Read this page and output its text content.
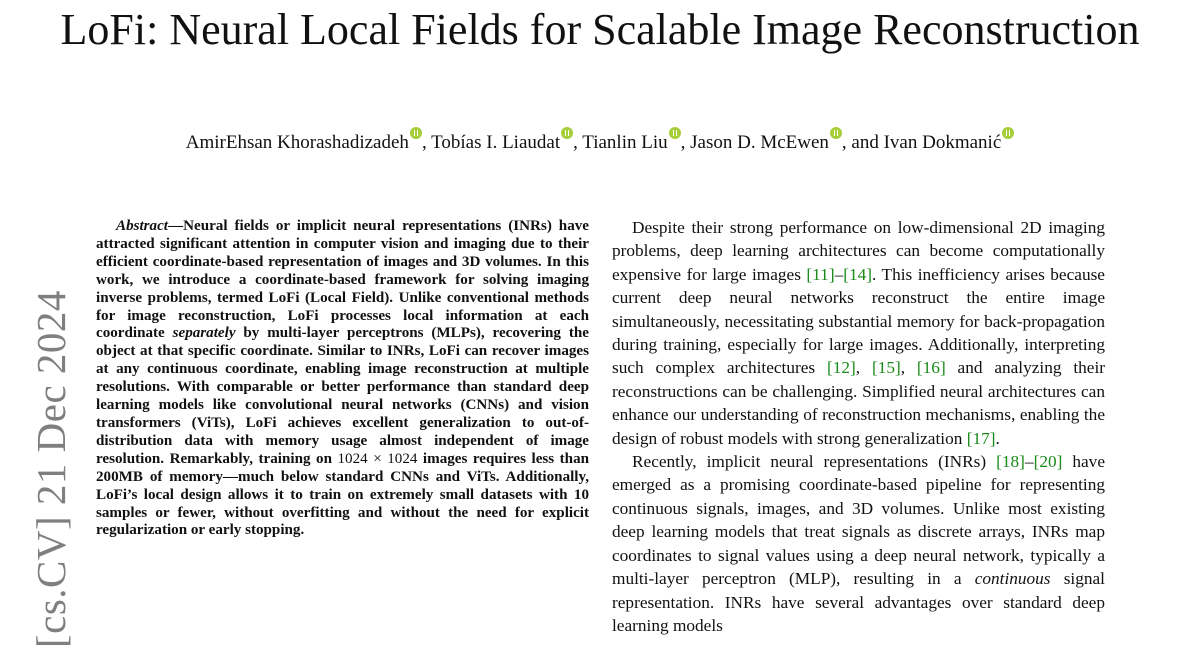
LoFi: Neural Local Fields for Scalable Image Reconstruction
AmirEhsan Khorashadizadeh , Tobías I. Liaudat , Tianlin Liu , Jason D. McEwen , and Ivan Dokmanić
[cs.CV] 21 Dec 2024

Abstract—Neural fields or implicit neural representations (INRs) have attracted significant attention in computer vision and imaging due to their efficient coordinate-based representation of images and 3D volumes. In this work, we introduce a coordinate-based framework for solving imaging inverse problems, termed LoFi (Local Field). Unlike conventional methods for image reconstruction, LoFi processes local information at each coordinate separately by multi-layer perceptrons (MLPs), recovering the object at that specific coordinate. Similar to INRs, LoFi can recover images at any continuous coordinate, enabling image reconstruction at multiple resolutions. With comparable or better performance than standard deep learning models like convolutional neural networks (CNNs) and vision transformers (ViTs), LoFi achieves excellent generalization to out-of-distribution data with memory usage almost independent of image resolution. Remarkably, training on 1024 × 1024 images requires less than 200MB of memory—much below standard CNNs and ViTs. Additionally, LoFi’s local design allows it to train on extremely small datasets with 10 samples or fewer, without overfitting and without the need for explicit regularization or early stopping.

Despite their strong performance on low-dimensional 2D imaging problems, deep learning architectures can become computationally expensive for large images [11]–[14]. This inefficiency arises because current deep neural networks reconstruct the entire image simultaneously, necessitating substantial memory for back-propagation during training, especially for large images. Additionally, interpreting such complex architectures [12], [15], [16] and analyzing their reconstructions can be challenging. Simplified neural architectures can enhance our understanding of reconstruction mechanisms, enabling the design of robust models with strong generalization [17].

Recently, implicit neural representations (INRs) [18]–[20] have emerged as a promising coordinate-based pipeline for representing continuous signals, images, and 3D volumes. Unlike most existing deep learning models that treat signals as discrete arrays, INRs map coordinates to signal values using a deep neural network, typically a multi-layer perceptron (MLP), resulting in a continuous signal representation. INRs have several advantages over standard deep learning models
